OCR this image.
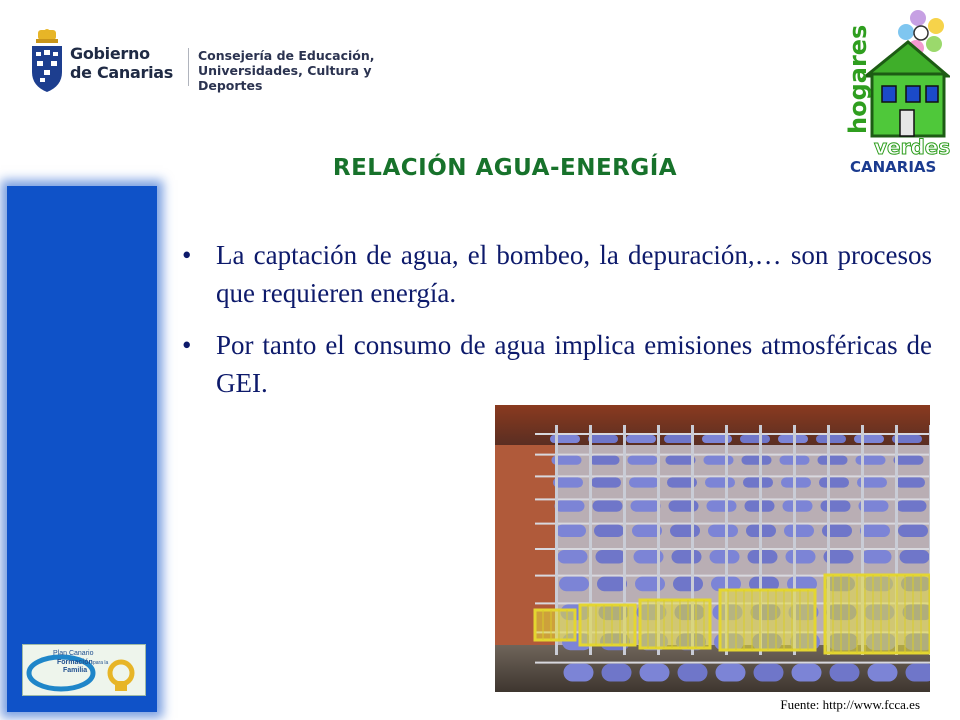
Gobierno
de Canarias
Consejería de Educación,
Universidades, Cultura y Deportes	hogares
verdes
CANARIAS
RELACIÓN AGUA-ENERGÍA
Plan Canario
Formación para la
Familia
• La captación de agua, el bombeo, la depuración,… son procesos que requieren energía.
• Por tanto el consumo de agua implica emisiones atmosféricas de GEI.
Fuente: http://www.fcca.es
